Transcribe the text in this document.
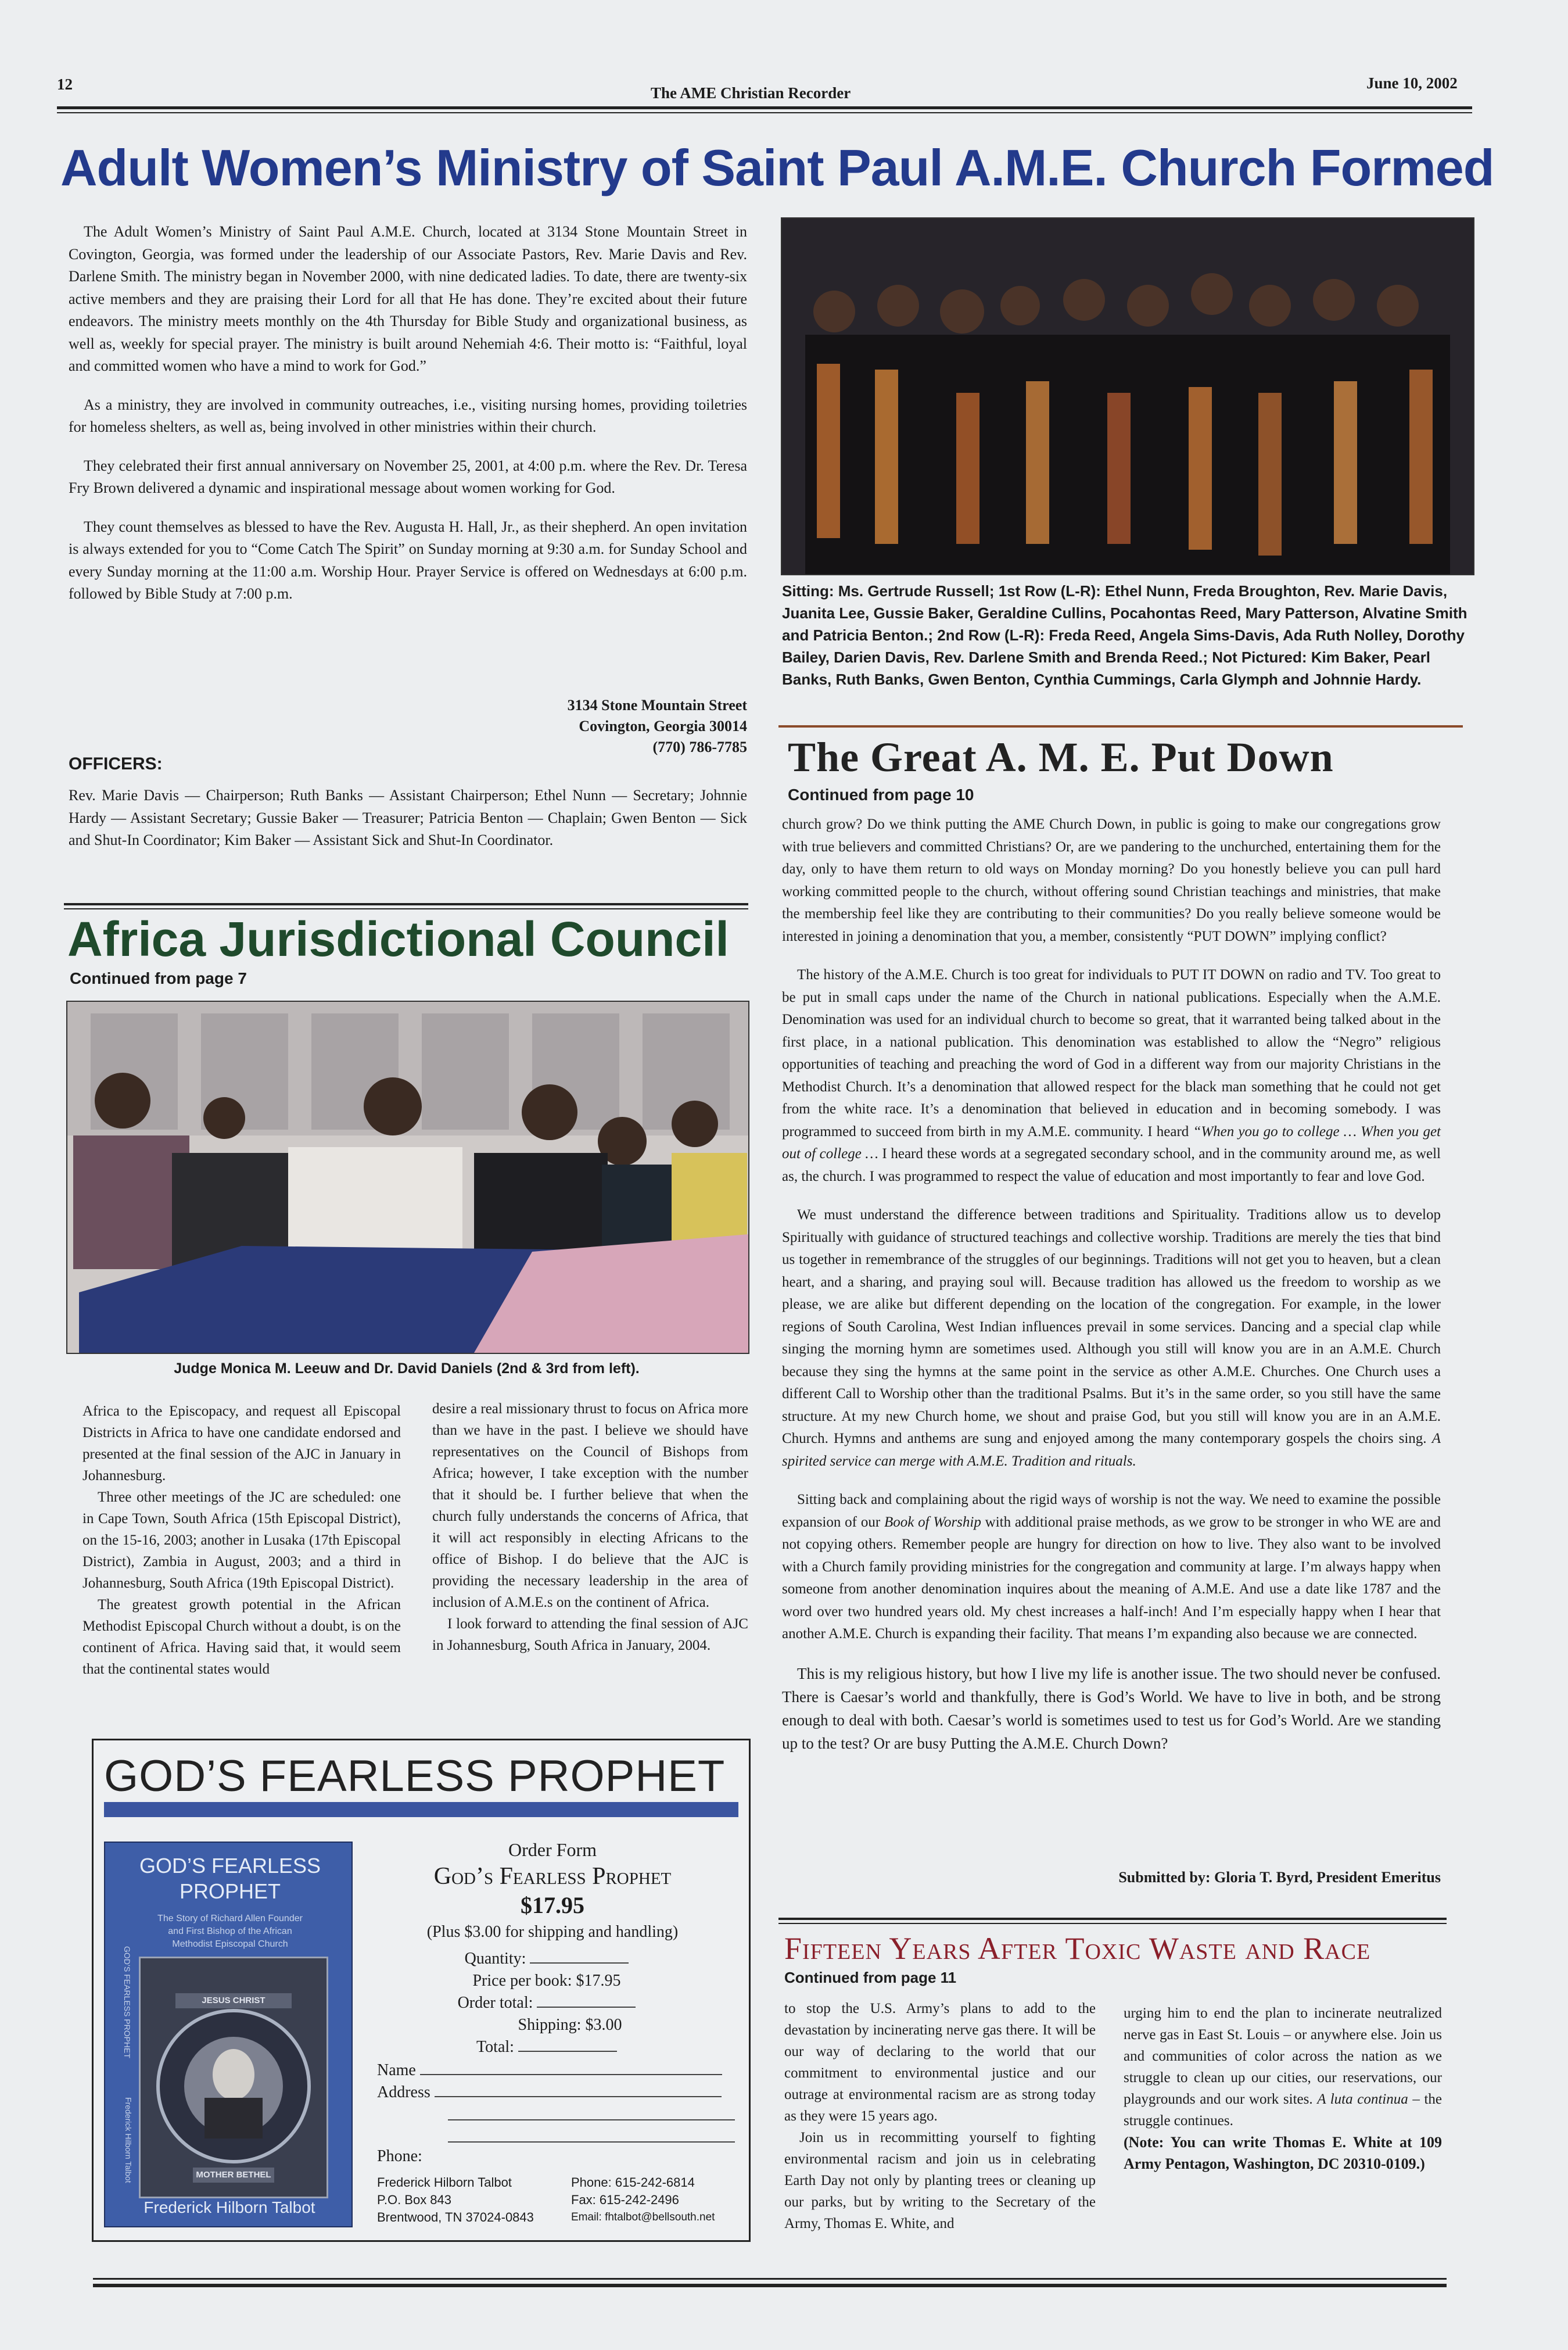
12	The AME Christian Recorder
June 10, 2002
Adult Women’s Ministry of Saint Paul A.M.E. Church Formed

The Adult Women’s Ministry of Saint Paul A.M.E. Church, located at 3134 Stone Mountain Street in Covington, Georgia, was formed under the leadership of our Associate Pastors, Rev. Marie Davis and Rev. Darlene Smith. The ministry began in November 2000, with nine dedicated ladies. To date, there are twenty-six active members and they are praising their Lord for all that He has done. They’re excited about their future endeavors. The ministry meets monthly on the 4th Thursday for Bible Study and organizational business, as well as, weekly for special prayer. The ministry is built around Nehemiah 4:6. Their motto is: “Faithful, loyal and committed women who have a mind to work for God.”

As a ministry, they are involved in community outreaches, i.e., visiting nursing homes, providing toiletries for homeless shelters, as well as, being involved in other ministries within their church.

They celebrated their first annual anniversary on November 25, 2001, at 4:00 p.m. where the Rev. Dr. Teresa Fry Brown delivered a dynamic and inspirational message about women working for God.

They count themselves as blessed to have the Rev. Augusta H. Hall, Jr., as their shepherd. An open invitation is always extended for you to “Come Catch The Spirit” on Sunday morning at 9:30 a.m. for Sunday School and every Sunday morning at the 11:00 a.m. Worship Hour. Prayer Service is offered on Wednesdays at 6:00 p.m. followed by Bible Study at 7:00 p.m.

3134 Stone Mountain Street
Covington, Georgia 30014
(770) 786-7785
OFFICERS:
Rev. Marie Davis — Chairperson; Ruth Banks — Assistant Chairperson; Ethel Nunn — Secretary; Johnnie Hardy — Assistant Secretary; Gussie Baker — Treasurer; Patricia Benton — Chaplain; Gwen Benton — Sick and Shut-In Coordinator; Kim Baker — Assistant Sick and Shut-In Coordinator.
Sitting: Ms. Gertrude Russell; 1st Row (L-R): Ethel Nunn, Freda Broughton, Rev. Marie Davis, Juanita Lee, Gussie Baker, Geraldine Cullins, Pocahontas Reed, Mary Patterson, Alvatine Smith and Patricia Benton.; 2nd Row (L-R): Freda Reed, Angela Sims-Davis, Ada Ruth Nolley, Dorothy Bailey, Darien Davis, Rev. Darlene Smith and Brenda Reed.; Not Pictured: Kim Baker, Pearl Banks, Ruth Banks, Gwen Benton, Cynthia Cummings, Carla Glymph and Johnnie Hardy.
The Great A. M. E. Put Down
Continued from page 10

church grow? Do we think putting the AME Church Down, in public is going to make our congregations grow with true believers and committed Christians? Or, are we pandering to the unchurched, entertaining them for the day, only to have them return to old ways on Monday morning? Do you honestly believe you can pull hard working committed people to the church, without offering sound Christian teachings and ministries, that make the membership feel like they are contributing to their communities? Do you really believe someone would be interested in joining a denomination that you, a member, consistently “PUT DOWN” implying conflict?

The history of the A.M.E. Church is too great for individuals to PUT IT DOWN on radio and TV. Too great to be put in small caps under the name of the Church in national publications. Especially when the A.M.E. Denomination was used for an individual church to become so great, that it warranted being talked about in the first place, in a national publication. This denomination was established to allow the “Negro” religious opportunities of teaching and preaching the word of God in a different way from our majority Christians in the Methodist Church. It’s a denomination that allowed respect for the black man something that he could not get from the white race. It’s a denomination that believed in education and in becoming somebody. I was programmed to succeed from birth in my A.M.E. community. I heard “When you go to college … When you get out of college … I heard these words at a segregated secondary school, and in the community around me, as well as, the church. I was programmed to respect the value of education and most importantly to fear and love God.

We must understand the difference between traditions and Spirituality. Traditions allow us to develop Spiritually with guidance of structured teachings and collective worship. Traditions are merely the ties that bind us together in remembrance of the struggles of our beginnings. Traditions will not get you to heaven, but a clean heart, and a sharing, and praying soul will. Because tradition has allowed us the freedom to worship as we please, we are alike but different depending on the location of the congregation. For example, in the lower regions of South Carolina, West Indian influences prevail in some services. Dancing and a special clap while singing the morning hymn are sometimes used. Although you still will know you are in an A.M.E. Church because they sing the hymns at the same point in the service as other A.M.E. Churches. One Church uses a different Call to Worship other than the traditional Psalms. But it’s in the same order, so you still have the same structure. At my new Church home, we shout and praise God, but you still will know you are in an A.M.E. Church. Hymns and anthems are sung and enjoyed among the many contemporary gospels the choirs sing. A spirited service can merge with A.M.E. Tradition and rituals.

Sitting back and complaining about the rigid ways of worship is not the way. We need to examine the possible expansion of our Book of Worship with additional praise methods, as we grow to be stronger in who WE are and not copying others. Remember people are hungry for direction on how to live. They also want to be involved with a Church family providing ministries for the congregation and community at large. I’m always happy when someone from another denomination inquires about the meaning of A.M.E. And use a date like 1787 and the word over two hundred years old. My chest increases a half-inch! And I’m especially happy when I hear that another A.M.E. Church is expanding their facility. That means I’m expanding also because we are connected.

This is my religious history, but how I live my life is another issue. The two should never be confused. There is Caesar’s world and thankfully, there is God’s World. We have to live in both, and be strong enough to deal with both. Caesar’s world is sometimes used to test us for God’s World. Are we standing up to the test? Or are busy Putting the A.M.E. Church Down?

Submitted by: Gloria T. Byrd, President Emeritus
Fifteen Years After Toxic Waste and Race
Continued from page 11

to stop the U.S. Army’s plans to add to the devastation by incinerating nerve gas there. It will be our way of declaring to the world that our commitment to environmental justice and our outrage at environmental racism are as strong today as they were 15 years ago.

Join us in recommitting yourself to fighting environmental racism and join us in celebrating Earth Day not only by planting trees or cleaning up our parks, but by writing to the Secretary of the Army, Thomas E. White, and

urging him to end the plan to incinerate neutralized nerve gas in East St. Louis – or anywhere else. Join us and communities of color across the nation as we struggle to clean up our cities, our reservations, our playgrounds and our work sites. A luta continua – the struggle continues.

(Note: You can write Thomas E. White at 109 Army Pentagon, Washington, DC 20310-0109.)

Africa Jurisdictional Council
Continued from page 7
Judge Monica M. Leeuw and Dr. David Daniels (2nd & 3rd from left).

Africa to the Episcopacy, and request all Episcopal Districts in Africa to have one candidate endorsed and presented at the final session of the AJC in January in Johannesburg.

Three other meetings of the JC are scheduled: one in Cape Town, South Africa (15th Episcopal District), on the 15-16, 2003; another in Lusaka (17th Episcopal District), Zambia in August, 2003; and a third in Johannesburg, South Africa (19th Episcopal District).

The greatest growth potential in the African Methodist Episcopal Church without a doubt, is on the continent of Africa. Having said that, it would seem that the continental states would

desire a real missionary thrust to focus on Africa more than we have in the past. I believe we should have representatives on the Council of Bishops from Africa; however, I take exception with the number that it should be. I further believe that when the church fully understands the concerns of Africa, that it will act responsibly in electing Africans to the office of Bishop. I do believe that the AJC is providing the necessary leadership in the area of inclusion of A.M.E.s on the continent of Africa.

I look forward to attending the final session of AJC in Johannesburg, South Africa in January, 2004.

GOD’S FEARLESS PROPHET
GOD’S FEARLESS PROPHET
The Story of Richard Allen Founder and First Bishop of the African Methodist Episcopal Church
GOD’S FEARLESS PROPHET
Frederick Hilborn Talbot
JESUS CHRIST
MOTHER BETHEL
Frederick Hilborn Talbot
Order Form
God’s Fearless Prophet
$17.95
(Plus $3.00 for shipping and handling)
Quantity:
Price per book: $17.95
Order total:
Shipping: $3.00
Total:
Name
Address
Phone:
Frederick Hilborn Talbot
P.O. Box 843
Brentwood, TN 37024-0843
Phone: 615-242-6814
Fax: 615-242-2496
Email: fhtalbot@bellsouth.net
